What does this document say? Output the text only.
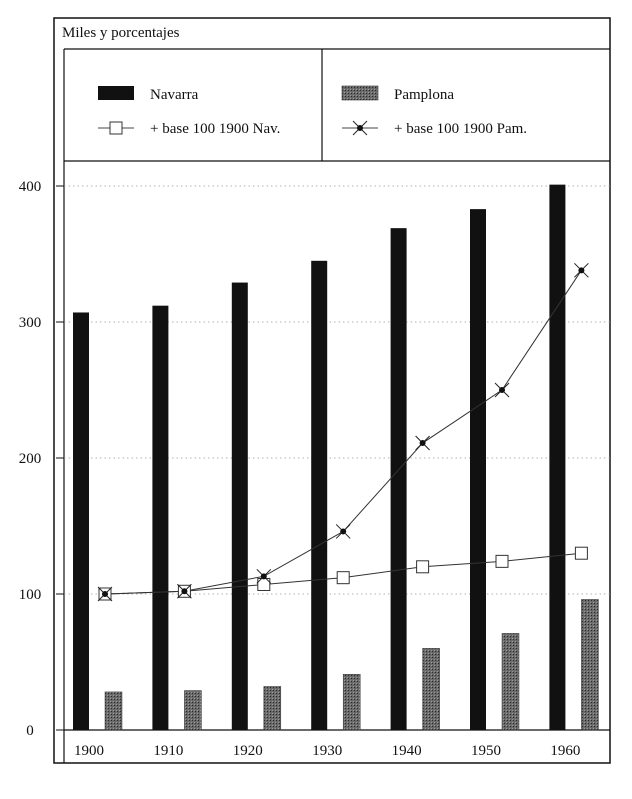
Miles y porcentajes
Navarra
+ base 100 1900 Nav.
Pamplona
+ base 100 1900 Pam.
0
100
200
300
400
1900	1910	1920	1930	1940	1950	1960
